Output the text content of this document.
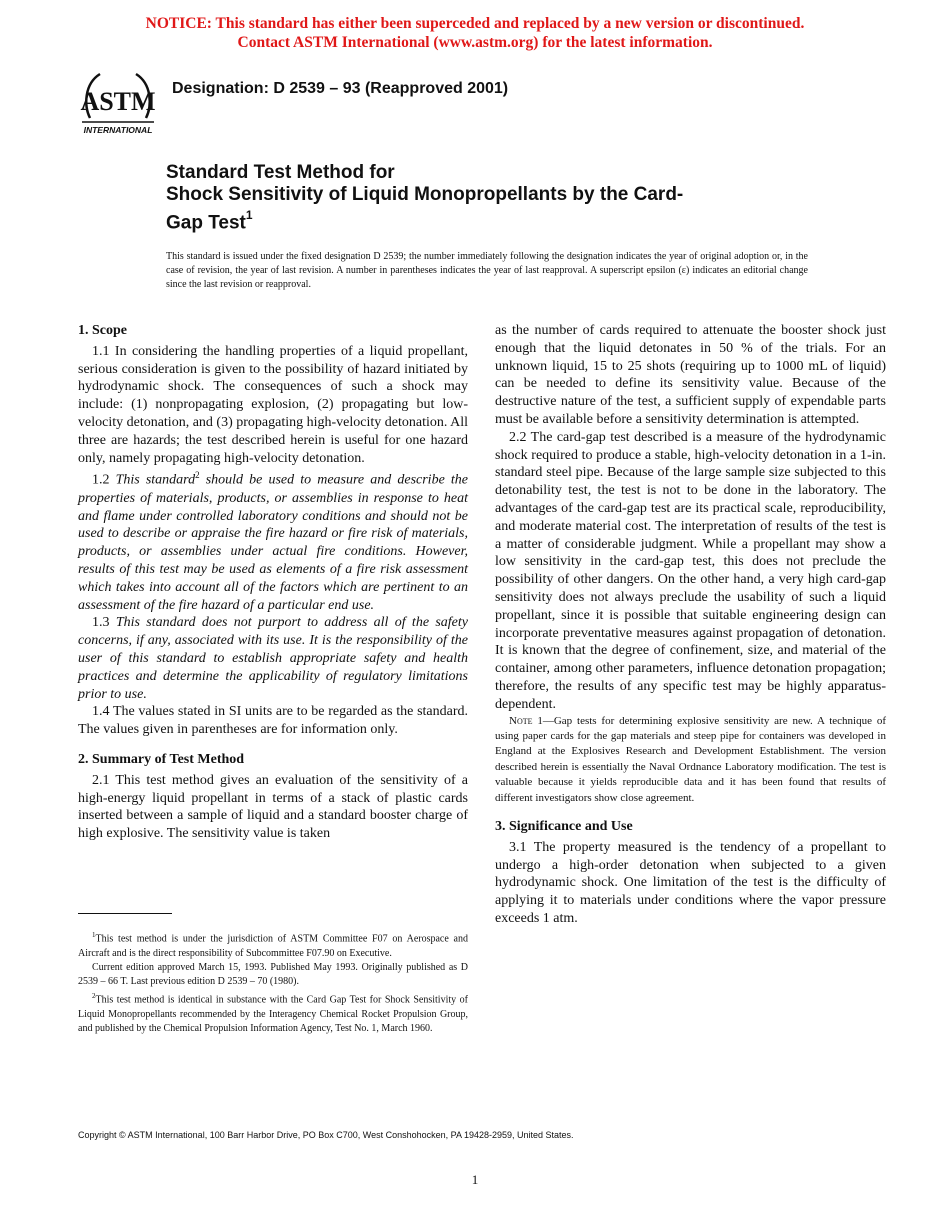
NOTICE: This standard has either been superceded and replaced by a new version or discontinued.
Contact ASTM International (www.astm.org) for the latest information.
ASTM
INTERNATIONAL
Designation: D 2539 – 93 (Reapproved 2001)
Standard Test Method for
Shock Sensitivity of Liquid Monopropellants by the Card-
Gap Test$^1$
This standard is issued under the fixed designation D 2539; the number immediately following the designation indicates the year of original adoption or, in the case of revision, the year of last revision. A number in parentheses indicates the year of last reapproval. A superscript epsilon (ε) indicates an editorial change since the last revision or reapproval.
1. Scope

1.1 In considering the handling properties of a liquid propellant, serious consideration is given to the possibility of hazard initiated by hydrodynamic shock. The consequences of such a shock may include: (1) nonpropagating explosion, (2) propagating but low-velocity detonation, and (3) propagating high-velocity detonation. All three are hazards; the test described herein is useful for one hazard only, namely propagating high-velocity detonation.

1.2 This standard$^2$ should be used to measure and describe the properties of materials, products, or assemblies in response to heat and flame under controlled laboratory conditions and should not be used to describe or appraise the fire hazard or fire risk of materials, products, or assemblies under actual fire conditions. However, results of this test may be used as elements of a fire risk assessment which takes into account all of the factors which are pertinent to an assessment of the fire hazard of a particular end use.

1.3 This standard does not purport to address all of the safety concerns, if any, associated with its use. It is the responsibility of the user of this standard to establish appropriate safety and health practices and determine the applicability of regulatory limitations prior to use.

1.4 The values stated in SI units are to be regarded as the standard. The values given in parentheses are for information only.

2. Summary of Test Method

2.1 This test method gives an evaluation of the sensitivity of a high-energy liquid propellant in terms of a stack of plastic cards inserted between a sample of liquid and a standard booster charge of high explosive. The sensitivity value is taken

$^1$This test method is under the jurisdiction of ASTM Committee F07 on Aerospace and Aircraft and is the direct responsibility of Subcommittee F07.90 on Executive.

Current edition approved March 15, 1993. Published May 1993. Originally published as D 2539 – 66 T. Last previous edition D 2539 – 70 (1980).

$^2$This test method is identical in substance with the Card Gap Test for Shock Sensitivity of Liquid Monopropellants recommended by the Interagency Chemical Rocket Propulsion Group, and published by the Chemical Propulsion Information Agency, Test No. 1, March 1960.

as the number of cards required to attenuate the booster shock just enough that the liquid detonates in 50 % of the trials. For an unknown liquid, 15 to 25 shots (requiring up to 1000 mL of liquid) can be needed to define its sensitivity value. Because of the destructive nature of the test, a sufficient supply of expendable parts must be available before a sensitivity determination is attempted.

2.2 The card-gap test described is a measure of the hydrodynamic shock required to produce a stable, high-velocity detonation in a 1-in. standard steel pipe. Because of the large sample size subjected to this detonability test, the test is not to be done in the laboratory. The advantages of the card-gap test are its practical scale, reproducibility, and moderate material cost. The interpretation of results of the test is a matter of considerable judgment. While a propellant may show a low sensitivity in the card-gap test, this does not preclude the possibility of other dangers. On the other hand, a very high card-gap sensitivity does not always preclude the usability of such a liquid propellant, since it is possible that suitable engineering design can incorporate preventative measures against propagation of detonation. It is known that the degree of confinement, size, and material of the container, among other parameters, influence detonation propagation; therefore, the results of any specific test may be highly apparatus-dependent.

Note 1—Gap tests for determining explosive sensitivity are new. A technique of using paper cards for the gap materials and steep pipe for containers was developed in England at the Explosives Research and Development Establishment. The version described herein is essentially the Naval Ordnance Laboratory modification. The test is valuable because it yields reproducible data and it has been found that results of different investigators show close agreement.

3. Significance and Use

3.1 The property measured is the tendency of a propellant to undergo a high-order detonation when subjected to a given hydrodynamic shock. One limitation of the test is the difficulty of applying it to materials under conditions where the vapor pressure exceeds 1 atm.

Copyright © ASTM International, 100 Barr Harbor Drive, PO Box C700, West Conshohocken, PA 19428-2959, United States.
1
